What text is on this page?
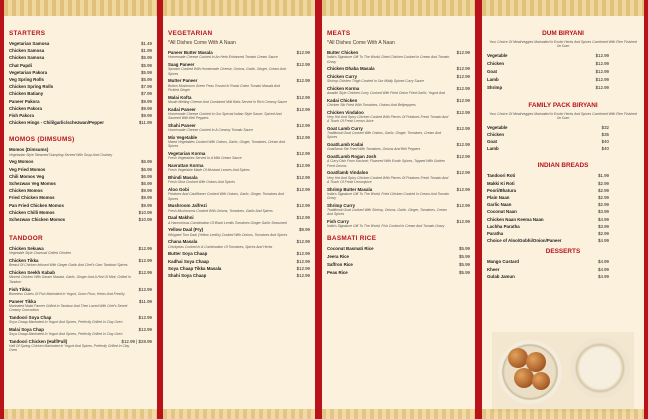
STARTERS
Vegetarian Samosa	$1.49
Chicken Samosa	$1.99
Chicken Samosa	$5.99
Chat Papdi	$5.99
Vegetarian Pakora	$5.99
Veg Spring Rolls	$5.99
Chicken Spring Rolls	$7.99
Chicken Batiany	$7.99
Paneer Pakora	$9.99
Chicken Pakora	$9.99
Fish Pakora	$9.99
Chicken Hings - Chili/garlic/schezwan/Pepper	$11.99
MOMOS (DIMSUMS)
Momos (Dimsums)
Vegetarian Style Steamed Dumpling Served With Soup And Chutney
Veg Momos	$6.99
Veg Fried Momos	$6.99
Chili Momos Veg	$6.99
Schezwan Veg Momos	$6.99
Chicken Momos	$9.99
Fried Chicken Momos	$9.99
Pan Fried Chicken Momos	$9.99
Chicken Chilli Momos	$10.99
Schezwan Chicken Momos	$10.99
TANDOOR
Chicken Sekuwa	$12.99
Vegetable Style Charcoal Grilled Chicken
Chicken Tikka	$12.99
Breast Of Chicken Infused With Ginger Garlic And Chef's Own Tandoori Spices
Chicken Seekh Kabab	$12.99
Minced Chicken With Garam Masala, Garlic, Ginger And A Hint Of Mint, Grilled In Tandoor
Fish Tikka	$12.99
Boneless Cubes Of Fish Marinated In Yogurt, Gram Flour, Herbs And Freshly
Paneer Tikka	$11.99
Marinated Malai Paneer Grilled In Tandoor And Then Laced With Chef's Secret Creamy Concoction
Tandoori Soya Chap	$12.99
Soya Chaap Marinated In Yogurt And Spices, Perfectly Grilled In Clay Oven
Malai Soya Chap	$12.99
Soya Chaap Marinated In Yogurt And Spices, Perfectly Grilled In Clay Oven
Tandoori Chicken (Half/Full)	$12.99 | $28.99
Half Of Spring Chicken Marinated In Yogurt And Spices, Perfectly Grilled In Clay Oven
VEGETARIAN
*All Dishes Come With A Naan
Paneer Butter Masala	$12.99
Homemade Cheese Cooked In An Herb Enhanced Tomato Cream Sauce
Saag Paneer	$12.99
Spinach Cooked With Homemade Cheese, Onions, Garlic, Ginger, Cream And Spices
Mutter Paneer	$12.99
Button Mushroom Green Peas Tossed In Roast Onion Tomato Masala And Pickled Ginger
Malai Kofta	$12.99
Mouth Melting Cheese And Combined Milk Balls Served In Rich Creamy Sauce
Kadai Paneer	$12.99
Homemade Cheese Cooked In Our Special Indian Style Sauce, Spiced And Sauteed With Bell Peppers
Shahi Paneer	$12.99
Homemade Cheese Cooked In A Creamy Tomato Sauce
Mix Vegetable	$12.99
Mixed Vegetables Cooked With Onions, Garlic, Ginger, Tomatoes, Cream And Spices
Vegetarian Korma	$12.99
Fresh Vegetables Served In A Mild Cream Sauce
Navrattan Korma	$12.99
Fresh Vegetable Made Of Mustard Leaves And Spices
Bhindi Masala	$12.99
Fresh Okra Cooked With Onions And Spices
Aloo Gobi	$12.99
Potatoes And Cauliflower Cooked With Onions, Garlic, Ginger, Tomatoes And Spices
Mushroom Jalfrezi	$12.99
Fresh Mushrooms Cooked With Onions, Tomatoes, Garlic And Spices
Daal Makhni	$12.99
A Harmonious Combination Of Black Lentils Tomatoes Ginger Garlic Seasoned
Yellow Daal (Fry)	$9.99
Whipped Toor Daal (Yellow Lentils) Cooked With Onions, Tomatoes And Spices
Chana Masala	$12.99
Chickpeas Cooked In A Combination Of Tomatoes, Spices And Herbs
Butter Soya Chaap	$12.99
Kadhai Soya Chaap	$12.99
Soya Chaap Tikka Masala	$12.99
Shahi Soya Chaap	$12.99
MEATS
*All Dishes Come With A Naan
Butter Chicken	$12.99
India's Signature Gift To The World, Dried Chicken Cooked In Cream And Tomato Gravy
Chicken Dhaba Masala	$12.99
Chicken Curry	$12.99
Shrimp Chicken Thigh Cooked In Our Mildly Spiced Curry Sauce
Chicken Korma	$12.99
Awadhi Style Chicken Curry Cooked With Fried Onion Fried Garlic, Yogurt And
Kadai Chicken	$12.99
Chicken Stir Fried With Tomatoes, Onions And Bellpeppers
Chicken Vindaloo	$12.99
Very Hot And Spicy Chicken Cooked With Pieces Of Potatoes Fresh Tomato And A Touch Of Fresh Lemon Juice
Goat Lamb Curry	$12.99
Traditional Goat Cooked With Onions, Garlic, Ginger, Tomatoes, Cream And Spices
Goat/Lamb Kadai	$12.99
Goat/lamb Stir Fried With Tomatoes, Onions And Bell Peppers
Goat/Lamb Rogan Josh	$12.99
A Curry Dish From Kashmir, Flavored With Exotic Spices, Topped With Golden Fried Onions
Goat/lamb Vindaloo	$12.99
Very Hot And Spicy Chicken Cooked With Pieces Of Potatoes Fresh Tomato And A Touch Of Fresh Lemonjuice
Shrimp Butter Masala	$12.99
India's Signature Gift To The World, Fried Chicken Cooked In Cream And Tomato Gravy
Shrimp Curry	$12.99
Traditional Goat Cooked With Shrimp, Onions, Garlic, Ginger, Tomatoes, Cream And Spices
Fish Curry	$12.99
India's Signature Gift To The World, Fish Cooked In Cream And Tomato Gravy
BASMATI RICE
Coconut Basmati Rice	$5.99
Jeera Rice	$5.99
Saffron Rice	$5.99
Peas Rice	$5.99
DUM BIRYANI
Your Choice Of Meat/veggies Marinated In Exotic Herbs And Spices Combined With Rice Finished On Dum
Vegetable	$12.99
Chicken	$12.99
Goat	$12.99
Lamb	$12.99
Shrimp	$12.99
FAMILY PACK BIRYANI
Your Choice Of Meat/veggies Marinated In Exotic Herbs And Spices Combined With Rice Finished On Dum
Vegetable	$32
Chicken	$35
Goat	$40
Lamb	$40
INDIAN BREADS
Tandoori Roti	$1.99
Makki Ki Roti	$2.99
Poori/Bhatura	$2.99
Plain Naan	$2.99
Garlic Naan	$2.99
Coconut Naan	$3.99
Chicken Naan Keema Naan	$4.99
Lachha Paratha	$3.99
Paratha	$2.99
Choice of Aloo/Gobhi/Onion/Paneer	$4.99
DESSERTS
Mango Custard	$4.99
Kheer	$4.99
Gulab Jamun	$4.99
